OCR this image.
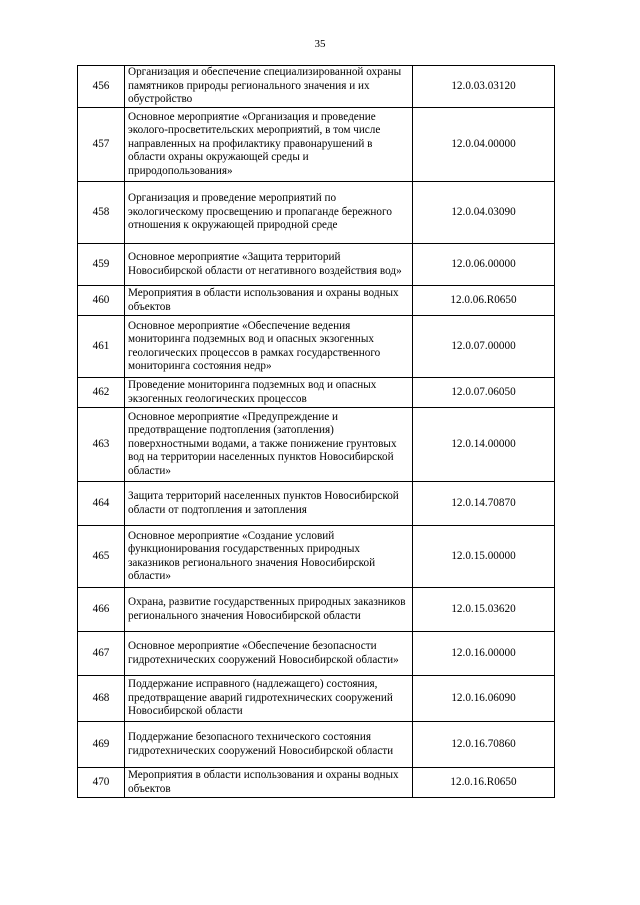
35
456	Организация и обеспечение специализированной охраны памятников природы регионального значения и их обустройство	12.0.03.03120
457	Основное мероприятие «Организация и проведение эколого-просветительских мероприятий, в том числе направленных на профилактику правонарушений в области охраны окружающей среды и природопользования»	12.0.04.00000
458	Организация и проведение мероприятий по экологическому просвещению и пропаганде бережного отношения к окружающей природной среде	12.0.04.03090
459	Основное мероприятие «Защита территорий Новосибирской области от негативного воздействия вод»	12.0.06.00000
460	Мероприятия в области использования и охраны водных объектов	12.0.06.R0650
461	Основное мероприятие «Обеспечение ведения мониторинга подземных вод и опасных экзогенных геологических процессов в рамках государственного мониторинга состояния недр»	12.0.07.00000
462	Проведение мониторинга подземных вод и опасных экзогенных геологических процессов	12.0.07.06050
463	Основное мероприятие «Предупреждение и предотвращение подтопления (затопления) поверхностными водами, а также понижение грунтовых вод на территории населенных пунктов Новосибирской области»	12.0.14.00000
464	Защита территорий населенных пунктов Новосибирской области от подтопления и затопления	12.0.14.70870
465	Основное мероприятие «Создание условий функционирования государственных природных заказников регионального значения Новосибирской области»	12.0.15.00000
466	Охрана, развитие государственных природных заказников регионального значения Новосибирской области	12.0.15.03620
467	Основное мероприятие «Обеспечение безопасности гидротехнических сооружений Новосибирской области»	12.0.16.00000
468	Поддержание исправного (надлежащего) состояния, предотвращение аварий гидротехнических сооружений Новосибирской области	12.0.16.06090
469	Поддержание безопасного технического состояния гидротехнических сооружений Новосибирской области	12.0.16.70860
470	Мероприятия в области использования и охраны водных объектов	12.0.16.R0650
